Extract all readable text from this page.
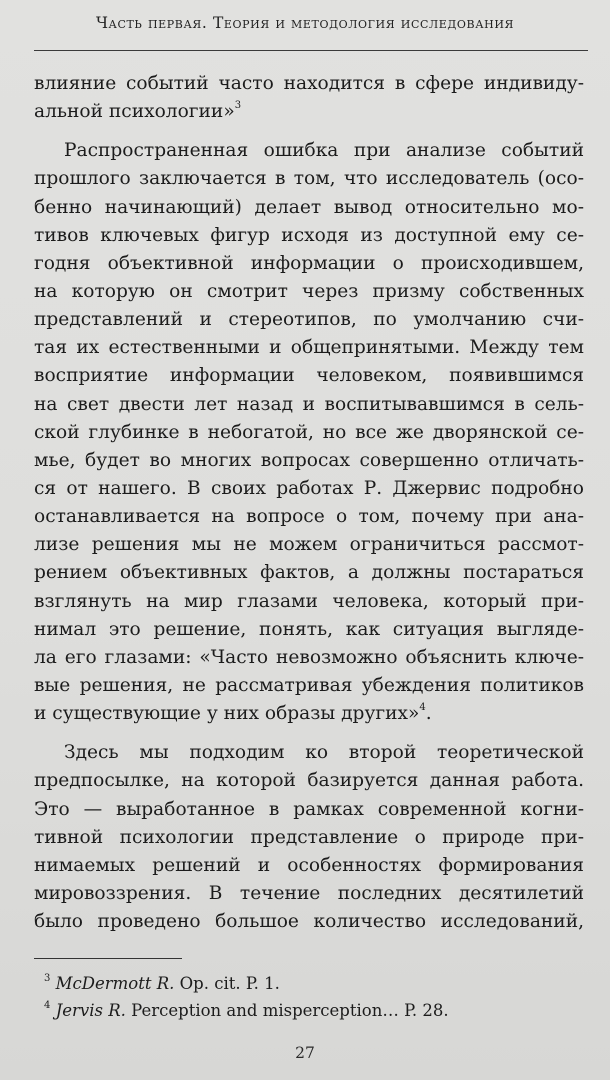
Часть первая. Теория и методология исследования
влияние событий часто находится в сфере индивиду-
альной психологии»$^3$
Распространенная ошибка при анализе событий
прошлого заключается в том, что исследователь (осо-
бенно начинающий) делает вывод относительно мо-
тивов ключевых фигур исходя из доступной ему се-
годня объективной информации о происходившем,
на которую он смотрит через призму собственных
представлений и стереотипов, по умолчанию счи-
тая их естественными и общепринятыми. Между тем
восприятие информации человеком, появившимся
на свет двести лет назад и воспитывавшимся в сель-
ской глубинке в небогатой, но все же дворянской се-
мье, будет во многих вопросах совершенно отличать-
ся от нашего. В своих работах Р. Джервис подробно
останавливается на вопросе о том, почему при ана-
лизе решения мы не можем ограничиться рассмот-
рением объективных фактов, а должны постараться
взглянуть на мир глазами человека, который при-
нимал это решение, понять, как ситуация выгляде-
ла его глазами: «Часто невозможно объяснить ключе-
вые решения, не рассматривая убеждения политиков
и существующие у них образы других»$^4$.
Здесь мы подходим ко второй теоретической
предпосылке, на которой базируется данная работа.
Это — выработанное в рамках современной когни-
тивной психологии представление о природе при-
нимаемых решений и особенностях формирования
мировоззрения. В течение последних десятилетий
было проведено большое количество исследований,
$^3$ McDermott R. Op. cit. P. 1.
$^4$ Jervis R. Perception and misperception… P. 28.
27
